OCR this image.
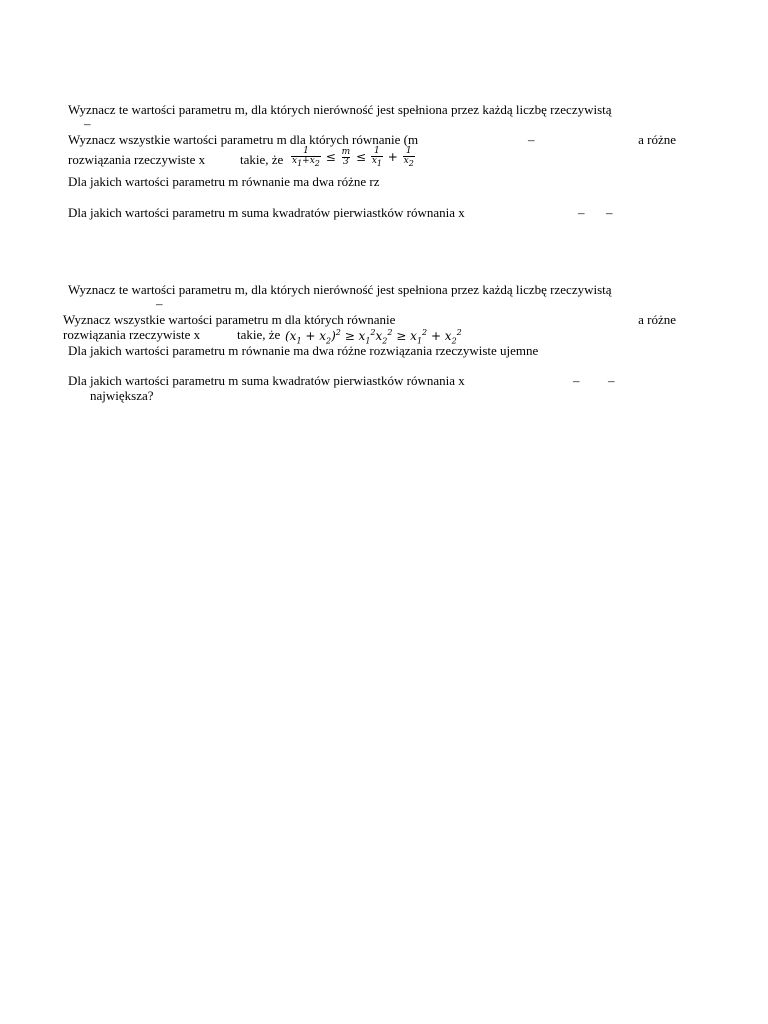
Wyznacz te wartości parametru m, dla których nierówność jest spełniona przez każdą liczbę rzeczywistą
–
Wyznacz wszystkie wartości parametru m dla których równanie (m	–	a różne
rozwiązania rzeczywiste x	takie, że $\frac{1}{x_1+x_2} \le \frac{m}{3} \le \frac{1}{x_1} + \frac{1}{x_2}$
Dla jakich wartości parametru m równanie ma dwa różne rz
Dla jakich wartości parametru m suma kwadratów pierwiastków równania x	– –
Wyznacz te wartości parametru m, dla których nierówność jest spełniona przez każdą liczbę rzeczywistą
–
Wyznacz wszystkie wartości parametru m dla których równanie	a różne
rozwiązania rzeczywiste x	takie, że $(x_1 + x_2)^2 \ge x_1^2x_2^2 \ge x_1^2 + x_2^2$
Dla jakich wartości parametru m równanie ma dwa różne rozwiązania rzeczywiste ujemne
Dla jakich wartości parametru m suma kwadratów pierwiastków równania x	– –
największa?
